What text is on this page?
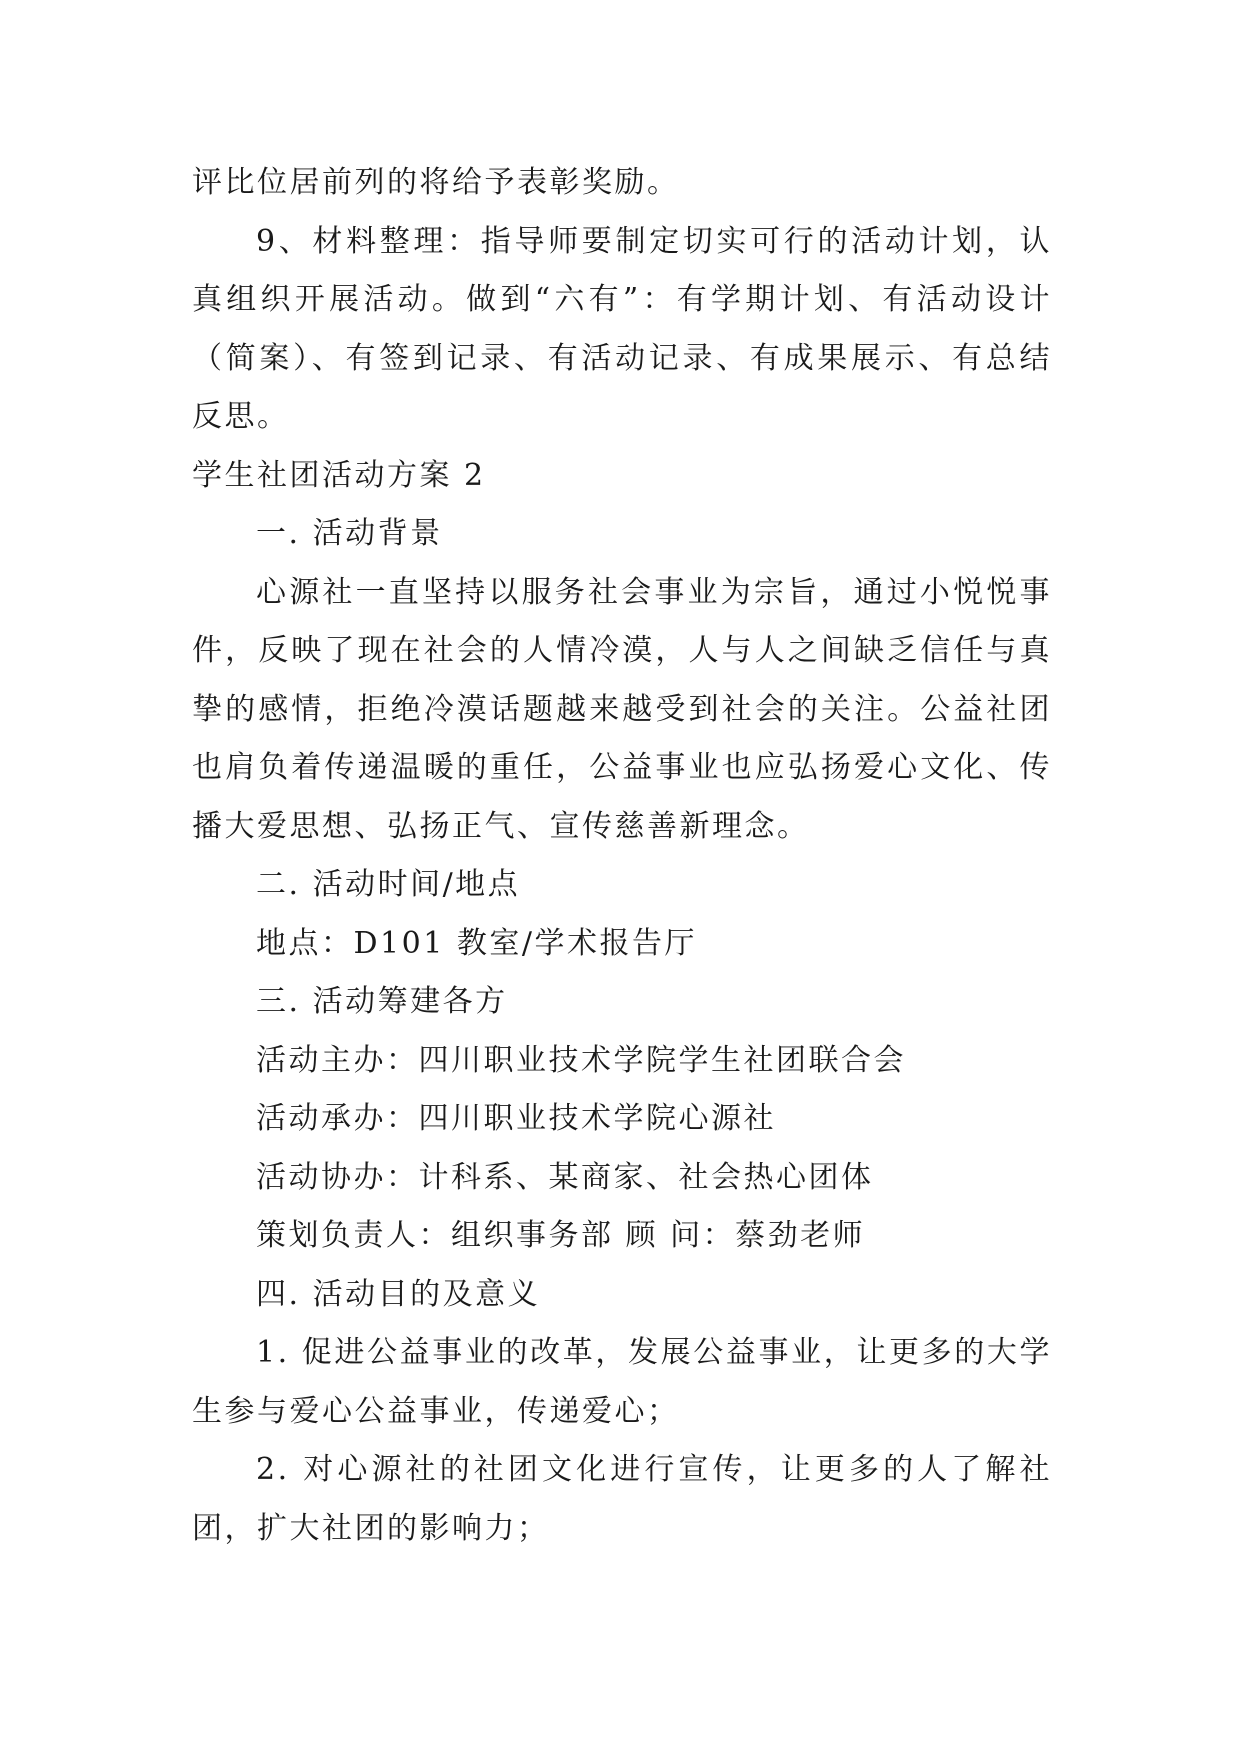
评比位居前列的将给予表彰奖励。

9、材料整理：指导师要制定切实可行的活动计划，认真组织开展活动。做到“六有”：有学期计划、有活动设计（简案）、有签到记录、有活动记录、有成果展示、有总结反思。

学生社团活动方案 2

一. 活动背景

心源社一直坚持以服务社会事业为宗旨，通过小悦悦事件，反映了现在社会的人情冷漠，人与人之间缺乏信任与真挚的感情，拒绝冷漠话题越来越受到社会的关注。公益社团也肩负着传递温暖的重任，公益事业也应弘扬爱心文化、传播大爱思想、弘扬正气、宣传慈善新理念。

二. 活动时间/地点

地点：D101 教室/学术报告厅

三. 活动筹建各方

活动主办：四川职业技术学院学生社团联合会

活动承办：四川职业技术学院心源社

活动协办：计科系、某商家、社会热心团体

策划负责人：组织事务部 顾 问：蔡劲老师

四. 活动目的及意义

1. 促进公益事业的改革，发展公益事业，让更多的大学生参与爱心公益事业，传递爱心；

2. 对心源社的社团文化进行宣传，让更多的人了解社团，扩大社团的影响力；
